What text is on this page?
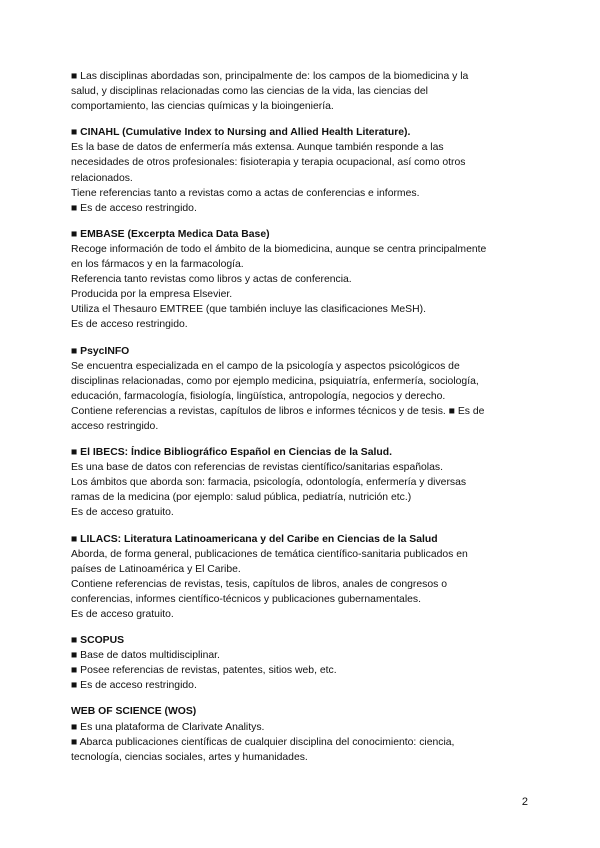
■ Las disciplinas abordadas son, principalmente de: los campos de la biomedicina y la
salud, y disciplinas relacionadas como las ciencias de la vida, las ciencias del
comportamiento, las ciencias químicas y la bioingeniería.
■ CINAHL (Cumulative Index to Nursing and Allied Health Literature).
Es la base de datos de enfermería más extensa. Aunque también responde a las
necesidades de otros profesionales: fisioterapia y terapia ocupacional, así como otros
relacionados.
Tiene referencias tanto a revistas como a actas de conferencias e informes.
■ Es de acceso restringido.
■ EMBASE (Excerpta Medica Data Base)
Recoge información de todo el ámbito de la biomedicina, aunque se centra principalmente
en los fármacos y en la farmacología.
Referencia tanto revistas como libros y actas de conferencia.
Producida por la empresa Elsevier.
Utiliza el Thesauro EMTREE (que también incluye las clasificaciones MeSH).
Es de acceso restringido.
■ PsycINFO
Se encuentra especializada en el campo de la psicología y aspectos psicológicos de
disciplinas relacionadas, como por ejemplo medicina, psiquiatría, enfermería, sociología,
educación, farmacología, fisiología, lingüística, antropología, negocios y derecho.
Contiene referencias a revistas, capítulos de libros e informes técnicos y de tesis. ■ Es de
acceso restringido.
■ El IBECS: Índice Bibliográfico Español en Ciencias de la Salud.
Es una base de datos con referencias de revistas científico/sanitarias españolas.
Los ámbitos que aborda son: farmacia, psicología, odontología, enfermería y diversas
ramas de la medicina (por ejemplo: salud pública, pediatría, nutrición etc.)
Es de acceso gratuito.
■ LILACS: Literatura Latinoamericana y del Caribe en Ciencias de la Salud
Aborda, de forma general, publicaciones de temática científico-sanitaria publicados en
países de Latinoamérica y El Caribe.
Contiene referencias de revistas, tesis, capítulos de libros, anales de congresos o
conferencias, informes científico-técnicos y publicaciones gubernamentales.
Es de acceso gratuito.
■ SCOPUS
■ Base de datos multidisciplinar.
■ Posee referencias de revistas, patentes, sitios web, etc.
■ Es de acceso restringido.
WEB OF SCIENCE (WOS)
■ Es una plataforma de Clarivate Analitys.
■ Abarca publicaciones científicas de cualquier disciplina del conocimiento: ciencia,
tecnología, ciencias sociales, artes y humanidades.
2
